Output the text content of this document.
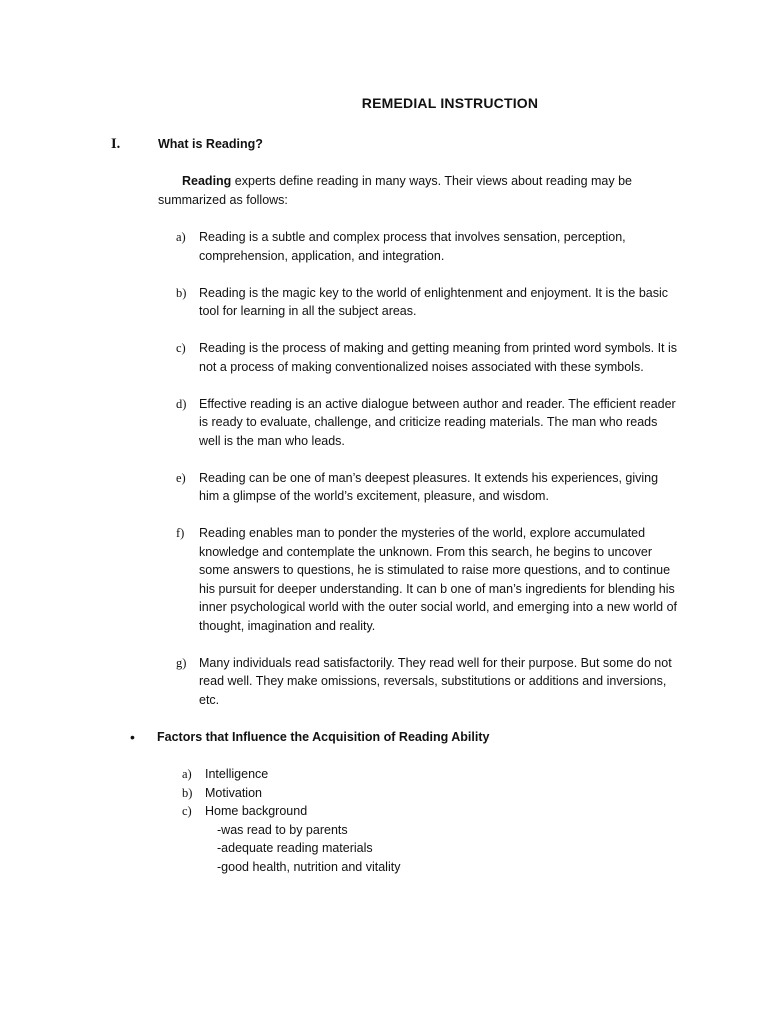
REMEDIAL INSTRUCTION
I.	What is Reading?
Reading experts define reading in many ways. Their views about reading may be summarized as follows:
a) Reading is a subtle and complex process that involves sensation, perception, comprehension, application, and integration.
b) Reading is the magic key to the world of enlightenment and enjoyment. It is the basic tool for learning in all the subject areas.
c) Reading is the process of making and getting meaning from printed word symbols. It is not a process of making conventionalized noises associated with these symbols.
d) Effective reading is an active dialogue between author and reader. The efficient reader is ready to evaluate, challenge, and criticize reading materials. The man who reads well is the man who leads.
e) Reading can be one of man’s deepest pleasures. It extends his experiences, giving him a glimpse of the world’s excitement, pleasure, and wisdom.
f) Reading enables man to ponder the mysteries of the world, explore accumulated knowledge and contemplate the unknown. From this search, he begins to uncover some answers to questions, he is stimulated to raise more questions, and to continue his pursuit for deeper understanding. It can b one of man’s ingredients for blending his inner psychological world with the outer social world, and emerging into a new world of thought, imagination and reality.
g) Many individuals read satisfactorily. They read well for their purpose. But some do not read well. They make omissions, reversals, substitutions or additions and inversions, etc.
• Factors that Influence the Acquisition of Reading Ability
a) Intelligence
b) Motivation
c) Home background
-was read to by parents
-adequate reading materials
-good health, nutrition and vitality
